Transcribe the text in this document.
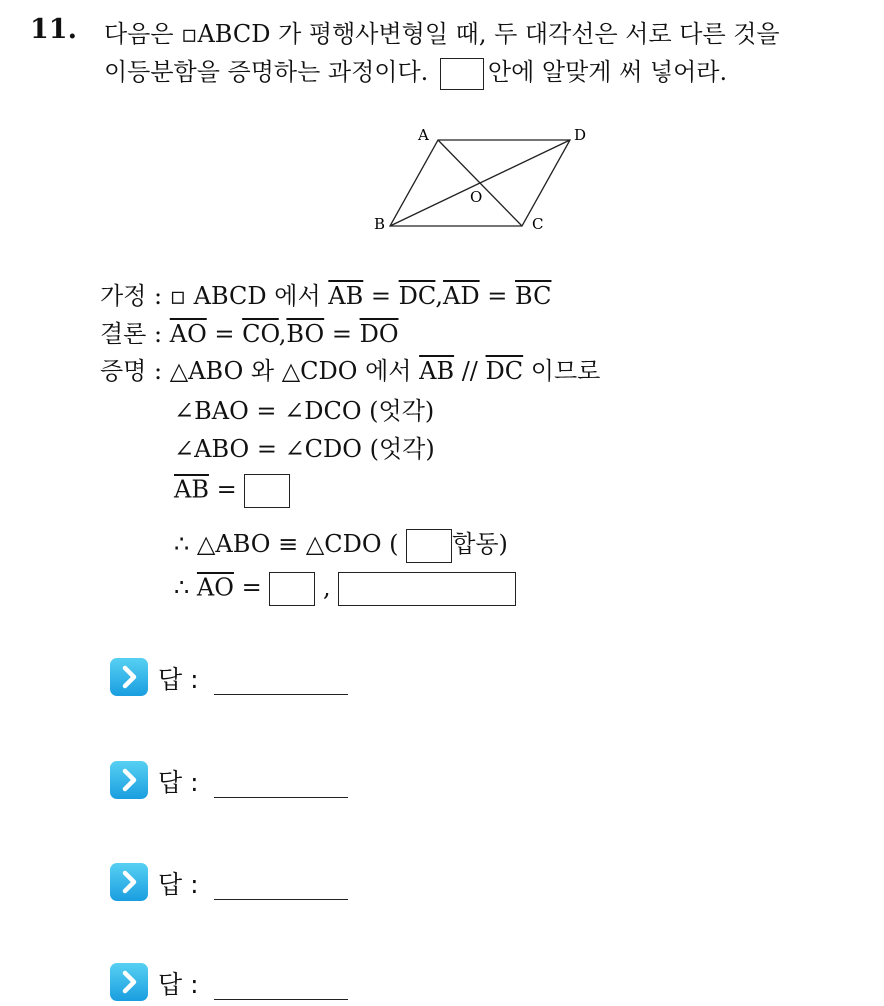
11. 다음은 ▫ABCD 가 평행사변형일 때, 두 대각선은 서로 다른 것을
이등분함을 증명하는 과정이다. 안에 알맞게 써 넣어라.
A	D
B	C
O
가정 : ▫ ABCD 에서 $\overline{AB} = \overline{DC},\overline{AD} = \overline{BC}$
결론 : $\overline{AO} = \overline{CO},\overline{BO} = \overline{DO}$
증명 : △ABO 와 △CDO 에서 $\overline{AB} // \overline{DC}$ 이므로
∠BAO = ∠DCO (엇각)
∠ABO = ∠CDO (엇각)
$\overline{AB}$ =
∴ △ABO ≡ △CDO ( 합동)
∴ $\overline{AO}$ =	,
답 :
답 :
답 :
답 :
